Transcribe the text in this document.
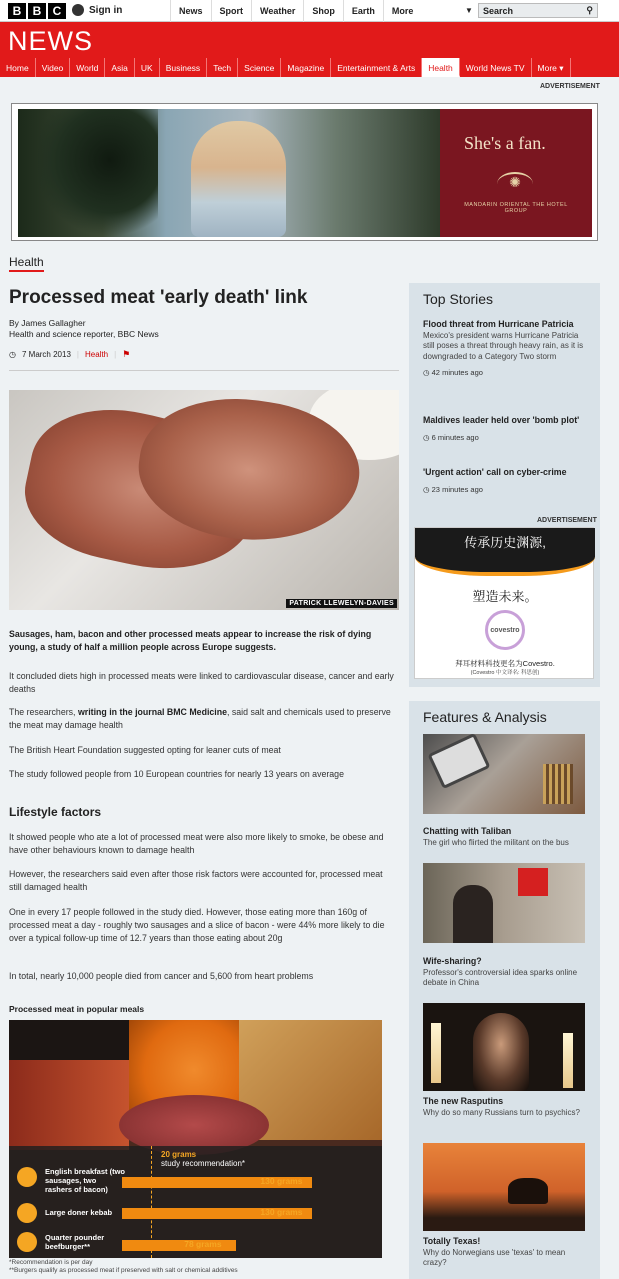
B B C	Sign in	News	Sport	Weather	Shop	Earth	More	▼	Search	⚲
NEWS
Home	Video	World	Asia	UK	Business	Tech	Science	Magazine	Entertainment & Arts	Health	World News TV	More ▾
ADVERTISEMENT
She's a fan.
✺
MANDARIN ORIENTAL THE HOTEL GROUP
Health
Processed meat 'early death' link
By James Gallagher
Health and science reporter, BBC News
◷ 7 March 2013 | Health | ⚑
PATRICK LLEWELYN-DAVIES

Sausages, ham, bacon and other processed meats appear to increase the risk of dying young, a study of half a million people across Europe suggests.

It concluded diets high in processed meats were linked to cardiovascular disease, cancer and early deaths

The researchers, writing in the journal BMC Medicine, said salt and chemicals used to preserve the meat may damage health

The British Heart Foundation suggested opting for leaner cuts of meat

The study followed people from 10 European countries for nearly 13 years on average

Lifestyle factors

It showed people who ate a lot of processed meat were also more likely to smoke, be obese and have other behaviours known to damage health

However, the researchers said even after those risk factors were accounted for, processed meat still damaged health

One in every 17 people followed in the study died. However, those eating more than 160g of processed meat a day - roughly two sausages and a slice of bacon - were 44% more likely to die over a typical follow-up time of 12.7 years than those eating about 20g

In total, nearly 10,000 people died from cancer and 5,600 from heart problems

Processed meat in popular meals
20 grams
study recommendation*
English breakfast (two sausages, two rashers of bacon)
Large doner kebab
Quarter pounder beefburger**
130 grams
130 grams
78 grams
*Recommendation is per day
**Burgers qualify as processed meat if preserved with salt or chemical additives
Top Stories
Flood threat from Hurricane Patricia
Mexico's president warns Hurricane Patricia still poses a threat through heavy rain, as it is downgraded to a Category Two storm
◷ 42 minutes ago
Maldives leader held over 'bomb plot'
◷ 6 minutes ago
'Urgent action' call on cyber-crime
◷ 23 minutes ago
ADVERTISEMENT
传承历史渊源,
塑造未来。
covestro
拜耳材料科技更名为Covestro.
(Covestro 中文译名: 科思创)
Features & Analysis
Chatting with Taliban
The girl who flirted the militant on the bus
Wife-sharing?
Professor's controversial idea sparks online debate in China
The new Rasputins
Why do so many Russians turn to psychics?
Totally Texas!
Why do Norwegians use 'texas' to mean crazy?
